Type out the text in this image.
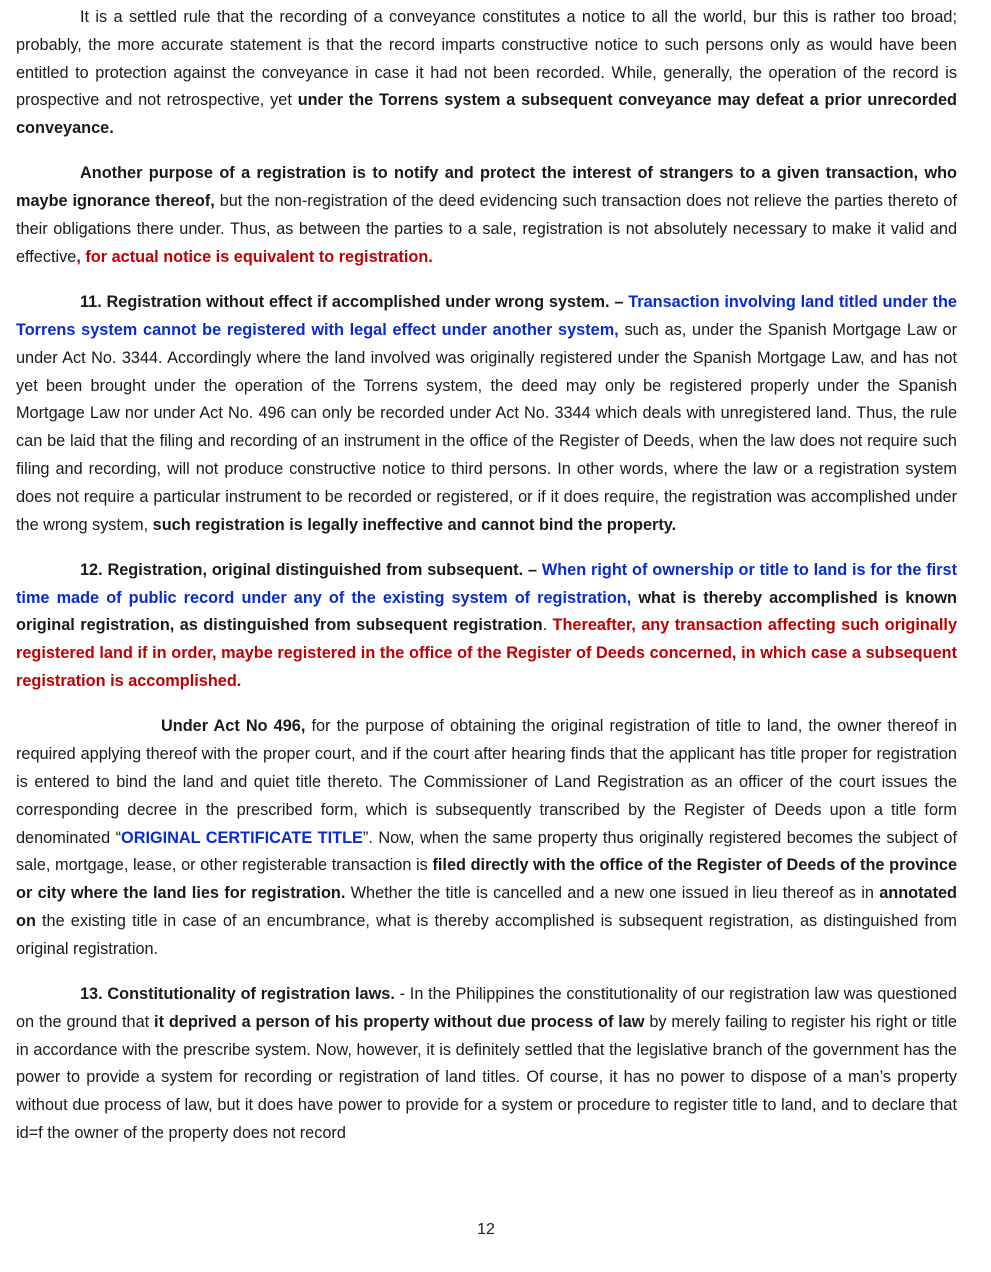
It is a settled rule that the recording of a conveyance constitutes a notice to all the world, bur this is rather too broad; probably, the more accurate statement is that the record imparts constructive notice to such persons only as would have been entitled to protection against the conveyance in case it had not been recorded. While, generally, the operation of the record is prospective and not retrospective, yet under the Torrens system a subsequent conveyance may defeat a prior unrecorded conveyance.

Another purpose of a registration is to notify and protect the interest of strangers to a given transaction, who maybe ignorance thereof, but the non-registration of the deed evidencing such transaction does not relieve the parties thereto of their obligations there under. Thus, as between the parties to a sale, registration is not absolutely necessary to make it valid and effective, for actual notice is equivalent to registration.

11. Registration without effect if accomplished under wrong system. – Transaction involving land titled under the Torrens system cannot be registered with legal effect under another system, such as, under the Spanish Mortgage Law or under Act No. 3344. Accordingly where the land involved was originally registered under the Spanish Mortgage Law, and has not yet been brought under the operation of the Torrens system, the deed may only be registered properly under the Spanish Mortgage Law nor under Act No. 496 can only be recorded under Act No. 3344 which deals with unregistered land. Thus, the rule can be laid that the filing and recording of an instrument in the office of the Register of Deeds, when the law does not require such filing and recording, will not produce constructive notice to third persons. In other words, where the law or a registration system does not require a particular instrument to be recorded or registered, or if it does require, the registration was accomplished under the wrong system, such registration is legally ineffective and cannot bind the property.

12. Registration, original distinguished from subsequent. – When right of ownership or title to land is for the first time made of public record under any of the existing system of registration, what is thereby accomplished is known original registration, as distinguished from subsequent registration. Thereafter, any transaction affecting such originally registered land if in order, maybe registered in the office of the Register of Deeds concerned, in which case a subsequent registration is accomplished.

Under Act No 496, for the purpose of obtaining the original registration of title to land, the owner thereof in required applying thereof with the proper court, and if the court after hearing finds that the applicant has title proper for registration is entered to bind the land and quiet title thereto. The Commissioner of Land Registration as an officer of the court issues the corresponding decree in the prescribed form, which is subsequently transcribed by the Register of Deeds upon a title form denominated “ORIGINAL CERTIFICATE TITLE”. Now, when the same property thus originally registered becomes the subject of sale, mortgage, lease, or other registerable transaction is filed directly with the office of the Register of Deeds of the province or city where the land lies for registration. Whether the title is cancelled and a new one issued in lieu thereof as in annotated on the existing title in case of an encumbrance, what is thereby accomplished is subsequent registration, as distinguished from original registration.

13. Constitutionality of registration laws. - In the Philippines the constitutionality of our registration law was questioned on the ground that it deprived a person of his property without due process of law by merely failing to register his right or title in accordance with the prescribe system. Now, however, it is definitely settled that the legislative branch of the government has the power to provide a system for recording or registration of land titles. Of course, it has no power to dispose of a man’s property without due process of law, but it does have power to provide for a system or procedure to register title to land, and to declare that id=f the owner of the property does not record

12
